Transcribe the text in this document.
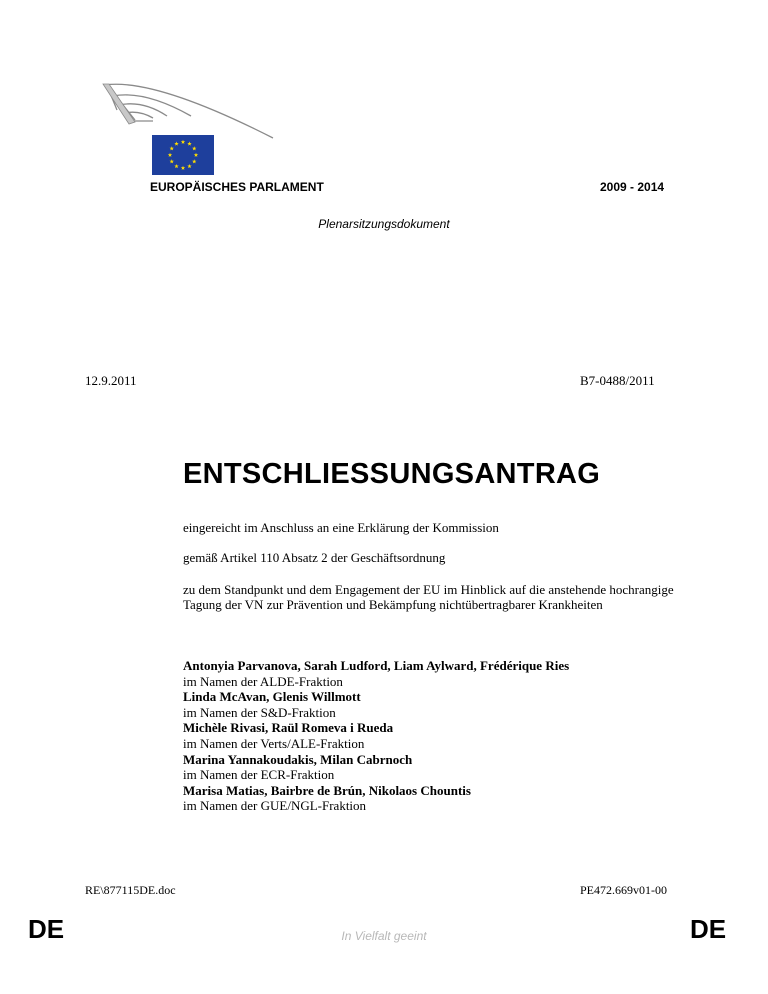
EUROPÄISCHES PARLAMENT	2009 - 2014
Plenarsitzungsdokument
12.9.2011	B7-0488/2011
ENTSCHLIESSUNGSANTRAG
eingereicht im Anschluss an eine Erklärung der Kommission
gemäß Artikel 110 Absatz 2 der Geschäftsordnung
zu dem Standpunkt und dem Engagement der EU im Hinblick auf die anstehende hochrangige Tagung der VN zur Prävention und Bekämpfung nichtübertragbarer Krankheiten
Antonyia Parvanova, Sarah Ludford, Liam Aylward, Frédérique Ries
im Namen der ALDE-Fraktion
Linda McAvan, Glenis Willmott
im Namen der S&D-Fraktion
Michèle Rivasi, Raül Romeva i Rueda
im Namen der Verts/ALE-Fraktion
Marina Yannakoudakis, Milan Cabrnoch
im Namen der ECR-Fraktion
Marisa Matias, Bairbre de Brún, Nikolaos Chountis
im Namen der GUE/NGL-Fraktion
RE\877115DE.doc	PE472.669v01-00
DE	DE
In Vielfalt geeint
